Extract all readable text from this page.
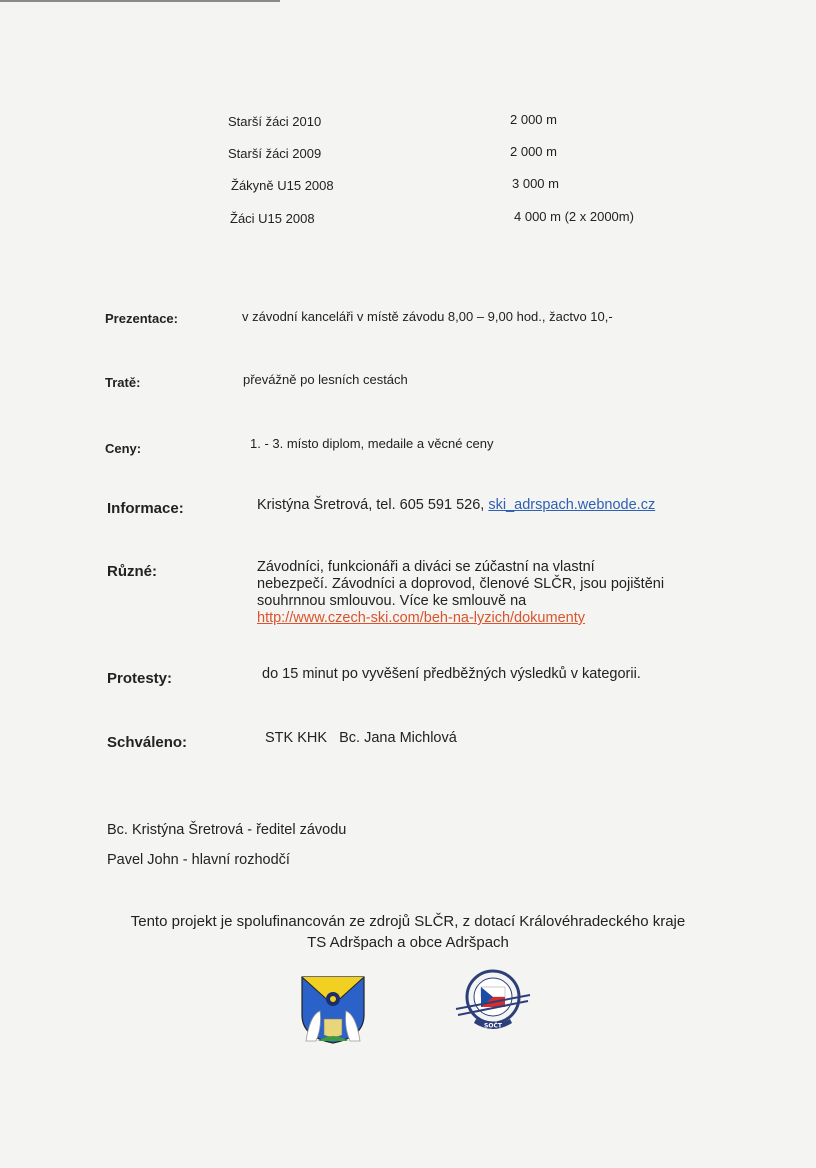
Starší žáci 2010	2 000 m
Starší žáci 2009	2 000 m
Žákyně U15 2008	3 000 m
Žáci U15 2008	4 000 m (2 x 2000m)
Prezentace:	v závodní kanceláři v místě závodu 8,00 – 9,00 hod., žactvo 10,-
Tratě:	převážně po lesních cestách
Ceny:	1. - 3. místo diplom, medaile a věcné ceny
Informace:	Kristýna Šretrová, tel. 605 591 526, ski_adrspach.webnode.cz
Různé:	Závodníci, funkcionáři a diváci se zúčastní na vlastní
nebezpečí. Závodníci a doprovod, členové SLČR, jsou pojištěni
souhrnnou smlouvou. Více ke smlouvě na
http://www.czech-ski.com/beh-na-lyzich/dokumenty
Protesty:	do 15 minut po vyvěšení předběžných výsledků v kategorii.
Schváleno:	STK KHK   Bc. Jana Michlová
Bc. Kristýna Šretrová - ředitel závodu
Pavel John - hlavní rozhodčí
Tento projekt je spolufinancován ze zdrojů SLČR, z dotací Královéhradeckého kraje
TS Adršpach a obce Adršpach
SOČT
